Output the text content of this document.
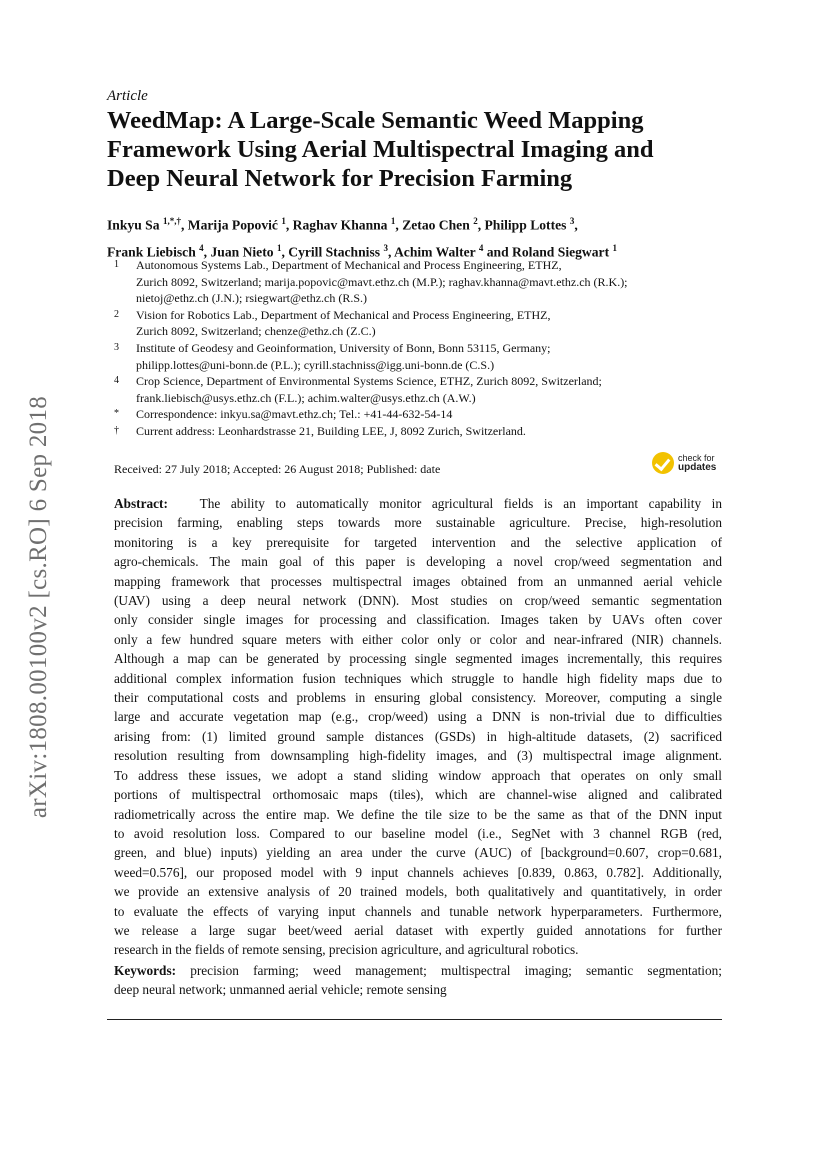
arXiv:1808.00100v2 [cs.RO] 6 Sep 2018
Article
WeedMap: A Large-Scale Semantic Weed Mapping
Framework Using Aerial Multispectral Imaging and
Deep Neural Network for Precision Farming
Inkyu Sa $^{1,*,\dagger}$, Marija Popović $^1$, Raghav Khanna $^1$, Zetao Chen $^2$, Philipp Lottes $^3$,
Frank Liebisch $^4$, Juan Nieto $^1$, Cyrill Stachniss $^3$, Achim Walter $^4$ and Roland Siegwart $^1$
1 Autonomous Systems Lab., Department of Mechanical and Process Engineering, ETHZ,
Zurich 8092, Switzerland; marija.popovic@mavt.ethz.ch (M.P.); raghav.khanna@mavt.ethz.ch (R.K.);
nietoj@ethz.ch (J.N.); rsiegwart@ethz.ch (R.S.)
2 Vision for Robotics Lab., Department of Mechanical and Process Engineering, ETHZ,
Zurich 8092, Switzerland; chenze@ethz.ch (Z.C.)
3 Institute of Geodesy and Geoinformation, University of Bonn, Bonn 53115, Germany;
philipp.lottes@uni-bonn.de (P.L.); cyrill.stachniss@igg.uni-bonn.de (C.S.)
4 Crop Science, Department of Environmental Systems Science, ETHZ, Zurich 8092, Switzerland;
frank.liebisch@usys.ethz.ch (F.L.); achim.walter@usys.ethz.ch (A.W.)
* Correspondence: inkyu.sa@mavt.ethz.ch; Tel.: +41-44-632-54-14
† Current address: Leonhardstrasse 21, Building LEE, J, 8092 Zurich, Switzerland.
Received: 27 July 2018; Accepted: 26 August 2018; Published: date
check for
updates
Abstract: The ability to automatically monitor agricultural fields is an important capability in
precision farming, enabling steps towards more sustainable agriculture. Precise, high-resolution
monitoring is a key prerequisite for targeted intervention and the selective application of
agro-chemicals. The main goal of this paper is developing a novel crop/weed segmentation and
mapping framework that processes multispectral images obtained from an unmanned aerial vehicle
(UAV) using a deep neural network (DNN). Most studies on crop/weed semantic segmentation
only consider single images for processing and classification. Images taken by UAVs often cover
only a few hundred square meters with either color only or color and near-infrared (NIR) channels.
Although a map can be generated by processing single segmented images incrementally, this requires
additional complex information fusion techniques which struggle to handle high fidelity maps due to
their computational costs and problems in ensuring global consistency. Moreover, computing a single
large and accurate vegetation map (e.g., crop/weed) using a DNN is non-trivial due to difficulties
arising from: (1) limited ground sample distances (GSDs) in high-altitude datasets, (2) sacrificed
resolution resulting from downsampling high-fidelity images, and (3) multispectral image alignment.
To address these issues, we adopt a stand sliding window approach that operates on only small
portions of multispectral orthomosaic maps (tiles), which are channel-wise aligned and calibrated
radiometrically across the entire map. We define the tile size to be the same as that of the DNN input
to avoid resolution loss. Compared to our baseline model (i.e., SegNet with 3 channel RGB (red,
green, and blue) inputs) yielding an area under the curve (AUC) of [background=0.607, crop=0.681,
weed=0.576], our proposed model with 9 input channels achieves [0.839, 0.863, 0.782]. Additionally,
we provide an extensive analysis of 20 trained models, both qualitatively and quantitatively, in order
to evaluate the effects of varying input channels and tunable network hyperparameters. Furthermore,
we release a large sugar beet/weed aerial dataset with expertly guided annotations for further
research in the fields of remote sensing, precision agriculture, and agricultural robotics.
Keywords: precision farming; weed management; multispectral imaging; semantic segmentation;
deep neural network; unmanned aerial vehicle; remote sensing
